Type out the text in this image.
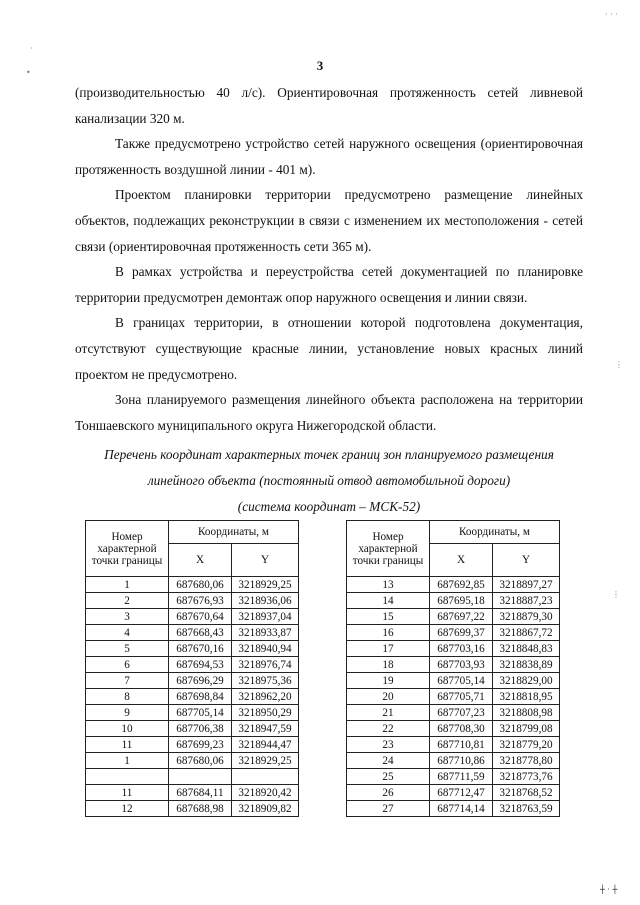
3

(производительностью 40 л/с). Ориентировочная протяженность сетей ливневой канализации 320 м.

Также предусмотрено устройство сетей наружного освещения (ориентировочная протяженность воздушной линии - 401 м).

Проектом планировки территории предусмотрено размещение линейных объектов, подлежащих реконструкции в связи с изменением их местоположения - сетей связи (ориентировочная протяженность сети 365 м).

В рамках устройства и переустройства сетей документацией по планировке территории предусмотрен демонтаж опор наружного освещения и линии связи.

В границах территории, в отношении которой подготовлена документация, отсутствуют существующие красные линии, установление новых красных линий проектом не предусмотрено.

Зона планируемого размещения линейного объекта расположена на территории Тоншаевского муниципального округа Нижегородской области.

Перечень координат характерных точек границ зон планируемого размещения
линейного объекта (постоянный отвод автомобильной дороги)
(система координат – МСК-52)
Номер характерной точки границы	Координаты, м	
	X	Y
1	687680,06	3218929,25
2	687676,93	3218936,06
3	687670,64	3218937,04
4	687668,43	3218933,87
5	687670,16	3218940,94
6	687694,53	3218976,74
7	687696,29	3218975,36
8	687698,84	3218962,20
9	687705,14	3218950,29
10	687706,38	3218947,59
11	687699,23	3218944,47
1	687680,06	3218929,25

11	687684,11	3218920,42
12	687688,98	3218909,82
Номер характерной точки границы	Координаты, м	
	X	Y
13	687692,85	3218897,27
14	687695,18	3218887,23
15	687697,22	3218879,30
16	687699,37	3218867,72
17	687703,16	3218848,83
18	687703,93	3218838,89
19	687705,14	3218829,00
20	687705,71	3218818,95
21	687707,23	3218808,98
22	687708,30	3218799,08
23	687710,81	3218779,20
24	687710,86	3218778,80
25	687711,59	3218773,76
26	687712,47	3218768,52
27	687714,14	3218763,59
·
•
· · ·
⋮
⋮
┼ · ┼
